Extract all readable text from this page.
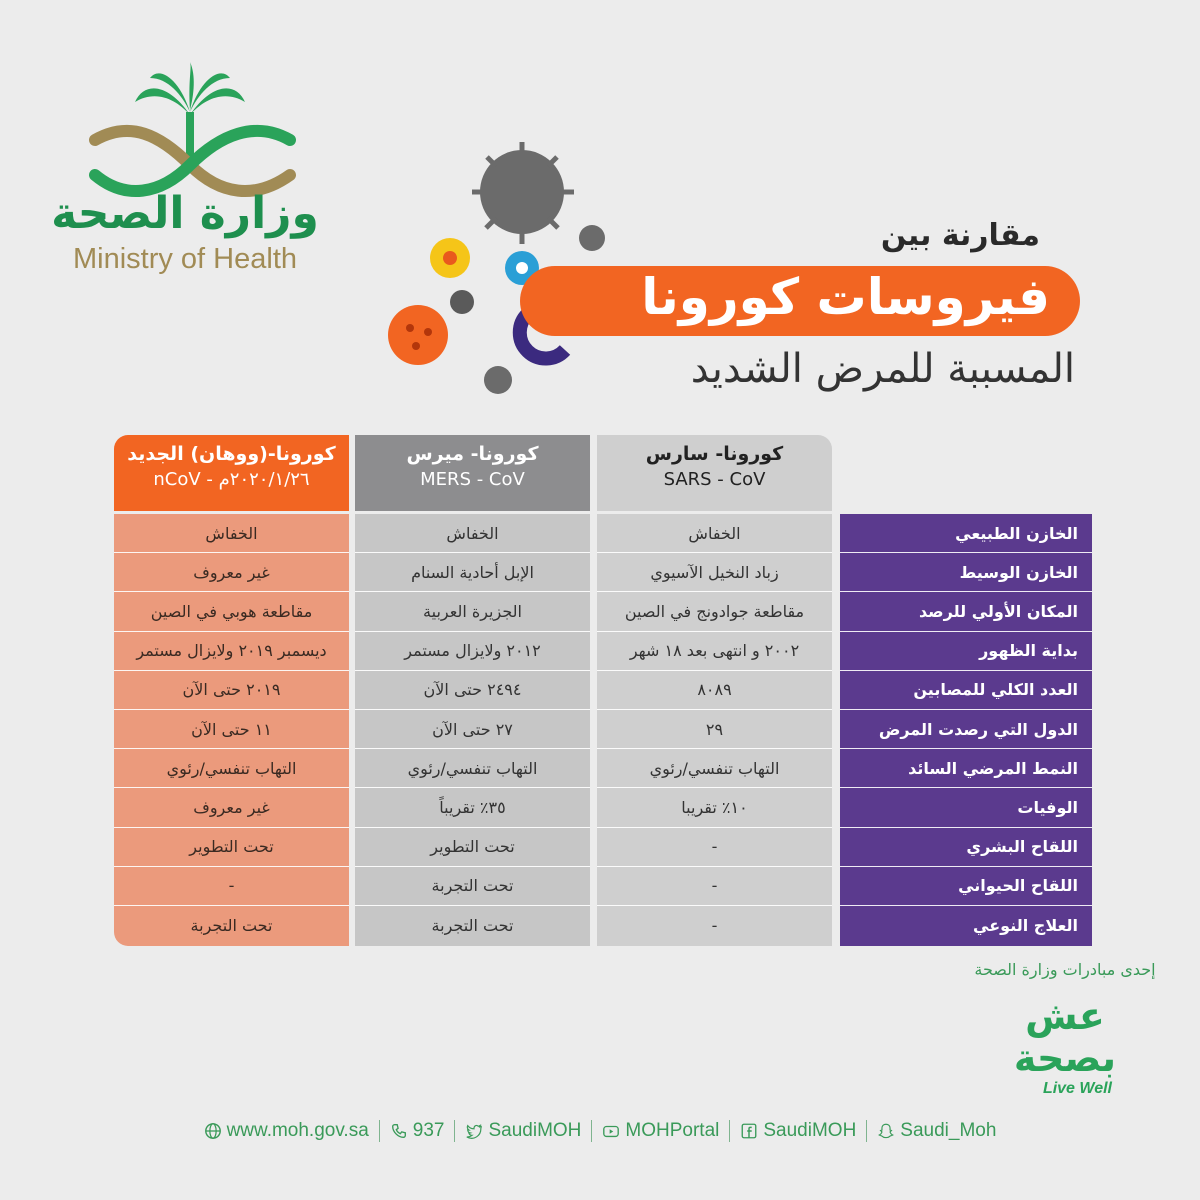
وزارة الصحة
Ministry of Health
مقارنة بين
فيروسات كورونا
المسببة للمرض الشديد
كورونا- سارس
SARS - CoV
كورونا- ميرس
MERS - CoV
كورونا-(ووهان) الجديد
٢٠٢٠/١/٢٦م - nCoV
الخازن الطبيعي
الخازن الوسيط
المكان الأولي للرصد
بداية الظهور
العدد الكلي للمصابين
الدول التي رصدت المرض
النمط المرضي السائد
الوفيات
اللقاح البشري
اللقاح الحيواني
العلاج النوعي
الخفاش
زباد النخيل الآسيوي
مقاطعة جوادونج في الصين
٢٠٠٢ و انتهى بعد ١٨ شهر
٨٠٨٩
٢٩
التهاب تنفسي/رئوي
١٠٪ تقريبا
-
-
-
الخفاش
الإبل أحادية السنام
الجزيرة العربية
٢٠١٢ ولايزال مستمر
٢٤٩٤ حتى الآن
٢٧ حتى الآن
التهاب تنفسي/رئوي
٣٥٪ تقريباً
تحت التطوير
تحت التجربة
تحت التجربة
الخفاش
غير معروف
مقاطعة هوبي في الصين
ديسمبر ٢٠١٩ ولايزال مستمر
٢٠١٩ حتى الآن
١١ حتى الآن
التهاب تنفسي/رئوي
غير معروف
تحت التطوير
-
تحت التجربة
إحدى مبادرات وزارة الصحة
عش بصحة
Live Well
www.moh.gov.sa 937 SaudiMOH MOHPortal SaudiMOH Saudi_Moh
